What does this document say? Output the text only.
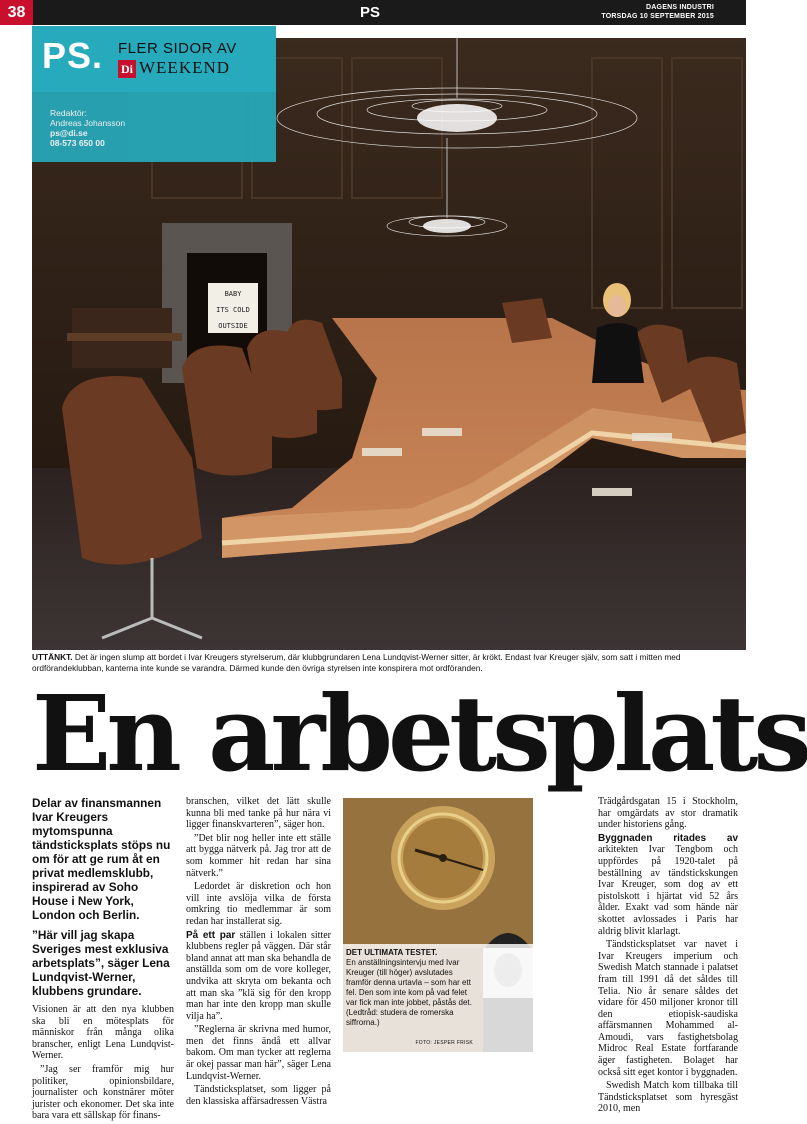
38	PS	DAGENS INDUSTRI
TORSDAG 10 SEPTEMBER 2015
BABY
ITS COLD
OUTSIDE
PS. FLER SIDOR AV
Di WEEKEND
Redaktör:
Andreas Johansson
ps@di.se
08-573 650 00
UTTÄNKT. Det är ingen slump att bordet i Ivar Kreugers styrelserum, där klubbgrundaren Lena Lundqvist-Werner sitter, är krökt. Endast Ivar Kreuger själv, som satt i mitten med ordförandeklubban, kanterna inte kunde se varandra. Därmed kunde den övriga styrelsen inte konspirera mot ordföranden.
En arbetsplats

Delar av finansmannen Ivar Kreugers mytomspunna tändsticksplats stöps nu om för att ge rum åt en privat medlemsklubb, inspirerad av Soho House i New York, London och Berlin.

”Här vill jag skapa Sveriges mest exklusiva arbetsplats”, säger Lena Lundqvist-Werner, klubbens grundare.

Visionen är att den nya klubben ska bli en mötesplats för människor från många olika branscher, enligt Lena Lundqvist-Werner.

”Jag ser framför mig hur politiker, opinionsbildare, journalister och konstnärer möter jurister och ekonomer. Det ska inte bara vara ett sällskap för finans-

branschen, vilket det lätt skulle kunna bli med tanke på hur nära vi ligger finanskvarteren”, säger hon.

”Det blir nog heller inte ett ställe att bygga nätverk på. Jag tror att de som kommer hit redan har sina nätverk.”

Ledordet är diskretion och hon vill inte avslöja vilka de första omkring tio medlemmar är som redan har installerat sig.

På ett par ställen i lokalen sitter klubbens regler på väggen. Där står bland annat att man ska behandla de anställda som om de vore kolleger, undvika att skryta om bekanta och att man ska ”klä sig för den kropp man har inte den kropp man skulle vilja ha”.

”Reglerna är skrivna med humor, men det finns ändå ett allvar bakom. Om man tycker att reglerna är okej passar man här”, säger Lena Lundqvist-Werner.

Tändsticksplatset, som ligger på den klassiska affärsadressen Västra

DET ULTIMATA TESTET.
En anställningsintervju med Ivar Kreuger (till höger) avslutades framför denna urtavla – som har ett fel. Den som inte kom på vad felet var fick man inte jobbet, påstås det. (Ledtråd: studera de romerska siffrorna.)
FOTO: JESPER FRISK

Trädgårdsgatan 15 i Stockholm, har omgärdats av stor dramatik under historiens gång.

Byggnaden ritades av arkitekten Ivar Tengbom och uppfördes på 1920-talet på beställning av tändstickskungen Ivar Kreuger, som dog av ett pistolskott i hjärtat vid 52 års ålder. Exakt vad som hände när skottet avlossades i Paris har aldrig blivit klarlagt.

Tändsticksplatset var navet i Ivar Kreugers imperium och Swedish Match stannade i palatset fram till 1991 då det såldes till Telia. Nio år senare såldes det vidare för 450 miljoner kronor till den etiopisk-saudiska affärsmannen Mohammed al-Amoudi, vars fastighetsbolag Midroc Real Estate fortfarande äger fastigheten. Bolaget har också sitt eget kontor i byggnaden.

Swedish Match kom tillbaka till Tändsticksplatset som hyresgäst 2010, men
